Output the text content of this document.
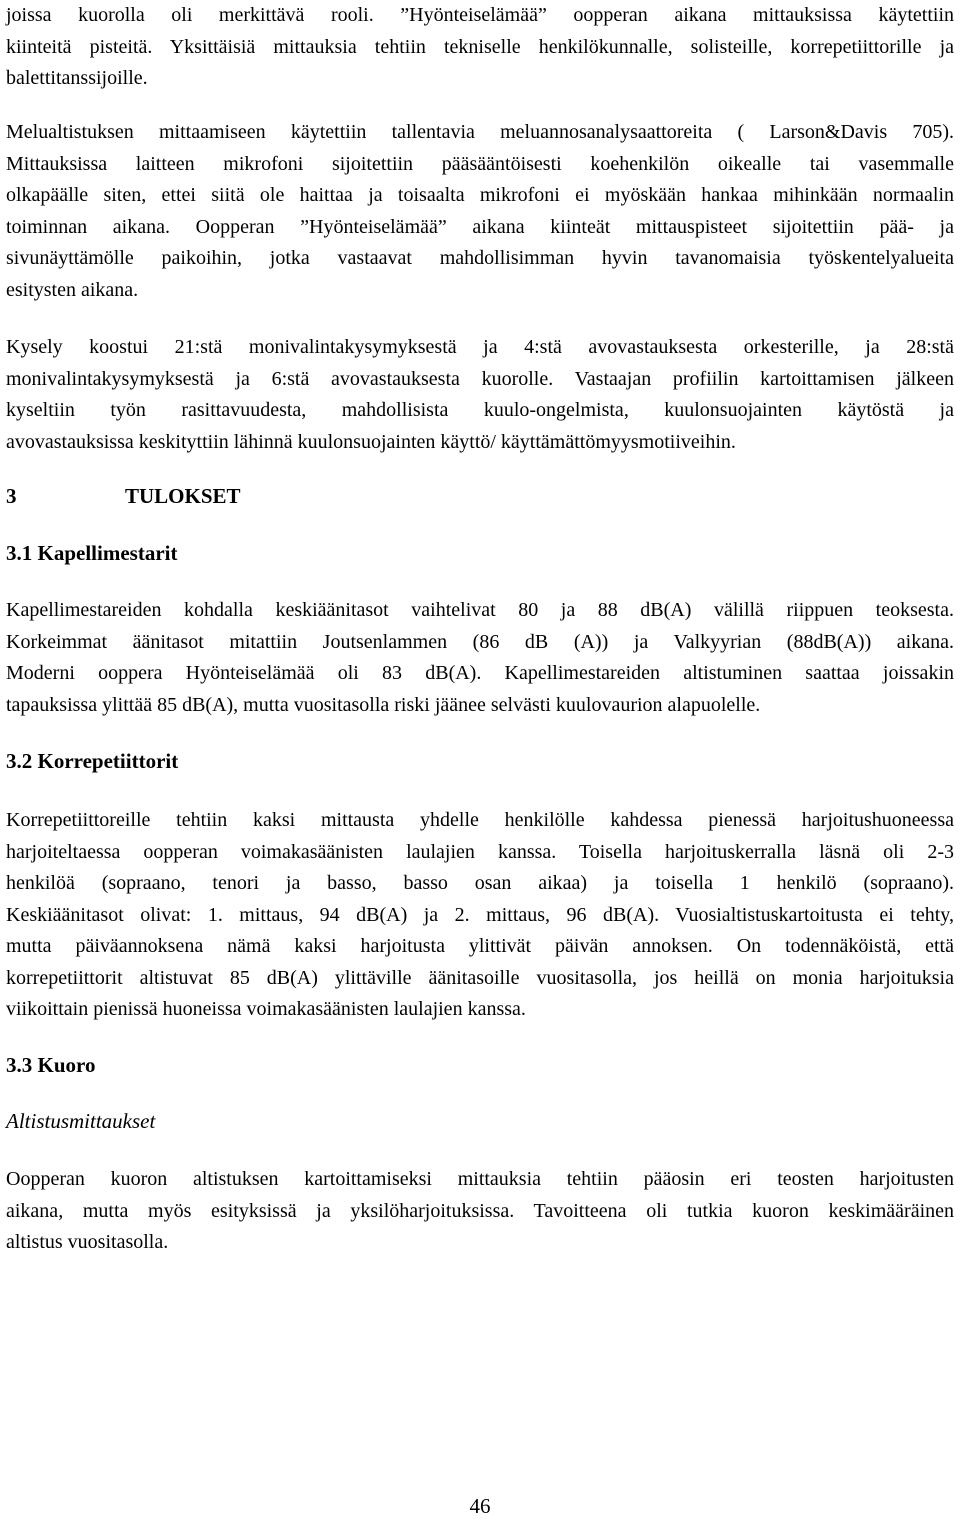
joissa kuorolla oli merkittävä rooli. ”Hyönteiselämää” oopperan aikana mittauksissa käytettiin
kiinteitä pisteitä. Yksittäisiä mittauksia tehtiin tekniselle henkilökunnalle, solisteille, korrepetiittorille ja
balettitanssijoille.

Melualtistuksen mittaamiseen käytettiin tallentavia meluannosanalysaattoreita ( Larson&Davis 705).
Mittauksissa laitteen mikrofoni sijoitettiin pääsääntöisesti koehenkilön oikealle tai vasemmalle
olkapäälle siten, ettei siitä ole haittaa ja toisaalta mikrofoni ei myöskään hankaa mihinkään normaalin
toiminnan aikana. Oopperan ”Hyönteiselämää” aikana kiinteät mittauspisteet sijoitettiin pää- ja
sivunäyttämölle paikoihin, jotka vastaavat mahdollisimman hyvin tavanomaisia työskentelyalueita
esitysten aikana.

Kysely koostui 21:stä monivalintakysymyksestä ja 4:stä avovastauksesta orkesterille, ja 28:stä
monivalintakysymyksestä ja 6:stä avovastauksesta kuorolle. Vastaajan profiilin kartoittamisen jälkeen
kyseltiin työn rasittavuudesta, mahdollisista kuulo-ongelmista, kuulonsuojainten käytöstä ja
avovastauksissa keskityttiin lähinnä kuulonsuojainten käyttö/ käyttämättömyysmotiiveihin.

3	TULOKSET
3.1 Kapellimestarit

Kapellimestareiden kohdalla keskiäänitasot vaihtelivat 80 ja 88 dB(A) välillä riippuen teoksesta.
Korkeimmat äänitasot mitattiin Joutsenlammen (86 dB (A)) ja Valkyyrian (88dB(A)) aikana.
Moderni ooppera Hyönteiselämää oli 83 dB(A). Kapellimestareiden altistuminen saattaa joissakin
tapauksissa ylittää 85 dB(A), mutta vuositasolla riski jäänee selvästi kuulovaurion alapuolelle.

3.2 Korrepetiittorit

Korrepetiittoreille tehtiin kaksi mittausta yhdelle henkilölle kahdessa pienessä harjoitushuoneessa
harjoiteltaessa oopperan voimakasäänisten laulajien kanssa. Toisella harjoituskerralla läsnä oli 2-3
henkilöä (sopraano, tenori ja basso, basso osan aikaa) ja toisella 1 henkilö (sopraano).
Keskiäänitasot olivat: 1. mittaus, 94 dB(A) ja 2. mittaus, 96 dB(A). Vuosialtistuskartoitusta ei tehty,
mutta päiväannoksena nämä kaksi harjoitusta ylittivät päivän annoksen. On todennäköistä, että
korrepetiittorit altistuvat 85 dB(A) ylittäville äänitasoille vuositasolla, jos heillä on monia harjoituksia
viikoittain pienissä huoneissa voimakasäänisten laulajien kanssa.

3.3 Kuoro
Altistusmittaukset

Oopperan kuoron altistuksen kartoittamiseksi mittauksia tehtiin pääosin eri teosten harjoitusten
aikana, mutta myös esityksissä ja yksilöharjoituksissa. Tavoitteena oli tutkia kuoron keskimääräinen
altistus vuositasolla.

46
